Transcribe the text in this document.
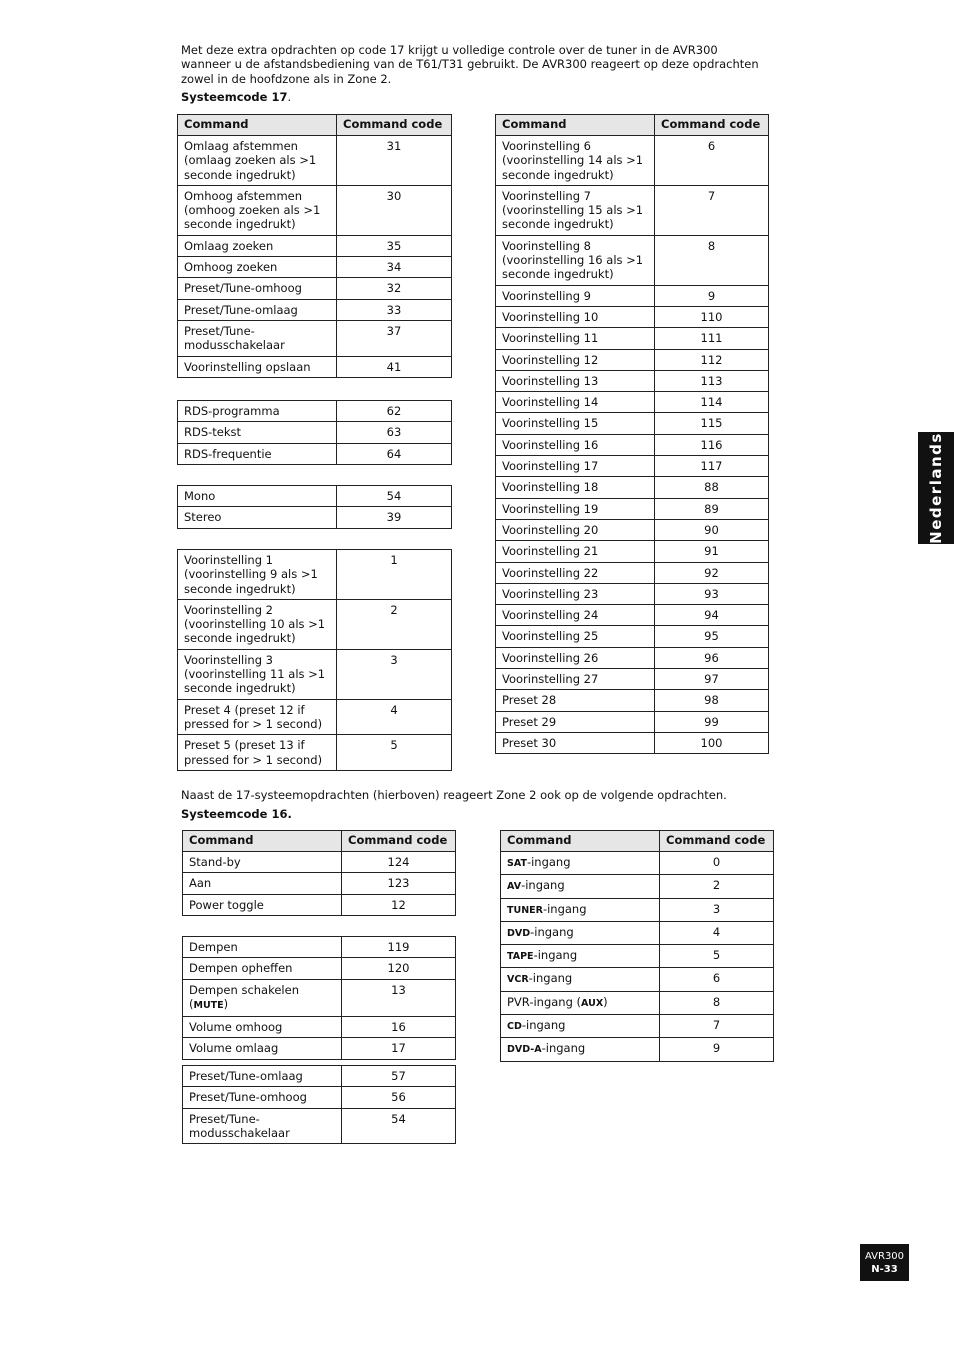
Met deze extra opdrachten op code 17 krijgt u volledige controle over de tuner in de AVR300 wanneer u de afstandsbediening van de T61/T31 gebruikt. De AVR300 reageert op deze opdrachten zowel in de hoofdzone als in Zone 2.

Systeemcode 17.

Command	Command code
Omlaag afstemmen (omlaag zoeken als >1 seconde ingedrukt)	31
Omhoog afstemmen (omhoog zoeken als >1 seconde ingedrukt)	30
Omlaag zoeken	35
Omhoog zoeken	34
Preset/Tune-omhoog	32
Preset/Tune-omlaag	33
Preset/Tune-modusschakelaar	37
Voorinstelling opslaan	41
RDS-programma	62
RDS-tekst	63
RDS-frequentie	64
Mono	54
Stereo	39
Voorinstelling 1 (voorinstelling 9 als >1 seconde ingedrukt)	1
Voorinstelling 2 (voorinstelling 10 als >1 seconde ingedrukt)	2
Voorinstelling 3 (voorinstelling 11 als >1 seconde ingedrukt)	3
Preset 4 (preset 12 if pressed for > 1 second)	4
Preset 5 (preset 13 if pressed for > 1 second)	5
Command	Command code
Voorinstelling 6 (voorinstelling 14 als >1 seconde ingedrukt)	6
Voorinstelling 7 (voorinstelling 15 als >1 seconde ingedrukt)	7
Voorinstelling 8 (voorinstelling 16 als >1 seconde ingedrukt)	8
Voorinstelling 9	9
Voorinstelling 10	110
Voorinstelling 11	111
Voorinstelling 12	112
Voorinstelling 13	113
Voorinstelling 14	114
Voorinstelling 15	115
Voorinstelling 16	116
Voorinstelling 17	117
Voorinstelling 18	88
Voorinstelling 19	89
Voorinstelling 20	90
Voorinstelling 21	91
Voorinstelling 22	92
Voorinstelling 23	93
Voorinstelling 24	94
Voorinstelling 25	95
Voorinstelling 26	96
Voorinstelling 27	97
Preset 28	98
Preset 29	99
Preset 30	100

Naast de 17-systeemopdrachten (hierboven) reageert Zone 2 ook op de volgende opdrachten.

Systeemcode 16.

Command	Command code
Stand-by	124
Aan	123
Power toggle	12
Dempen	119
Dempen opheffen	120
Dempen schakelen (MUTE)	13
Volume omhoog	16
Volume omlaag	17
Preset/Tune-omlaag	57
Preset/Tune-omhoog	56
Preset/Tune-modusschakelaar	54
Command	Command code
SAT-ingang	0
AV-ingang	2
TUNER-ingang	3
DVD-ingang	4
TAPE-ingang	5
VCR-ingang	6
PVR-ingang (AUX)	8
CD-ingang	7
DVD-A-ingang	9
Nederlands
AVR300
N-33
